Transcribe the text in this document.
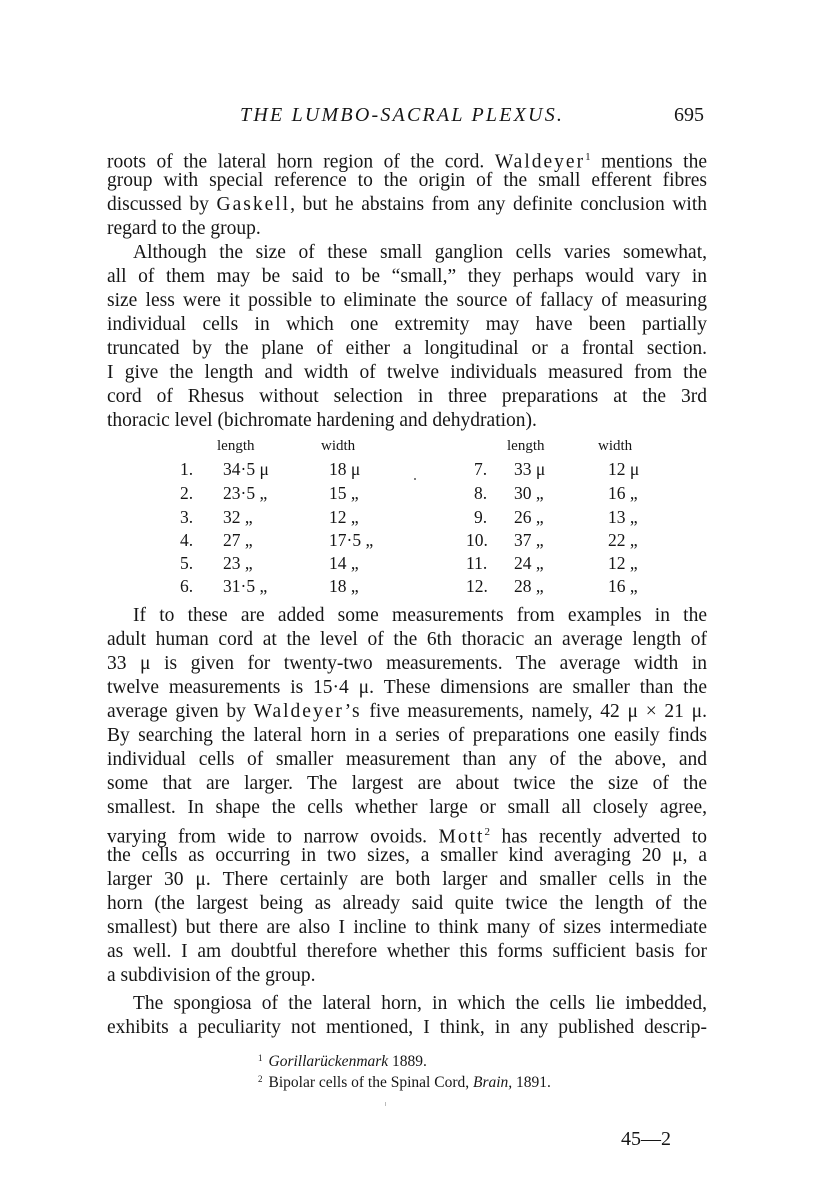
THE LUMBO-SACRAL PLEXUS.	695
roots of the lateral horn region of the cord. Waldeyer$^1$ mentions the
group with special reference to the origin of the small efferent fibres
discussed by Gaskell, but he abstains from any definite conclusion with
regard to the group.
Although the size of these small ganglion cells varies somewhat,
all of them may be said to be “small,” they perhaps would vary in
size less were it possible to eliminate the source of fallacy of measuring
individual cells in which one extremity may have been partially
truncated by the plane of either a longitudinal or a frontal section.
I give the length and width of twelve individuals measured from the
cord of Rhesus without selection in three preparations at the 3rd
thoracic level (bichromate hardening and dehydration).
length	width	length	width
1. 34·5 μ	18 μ	7. 33 μ	12 μ
2. 23·5 „	15 „	8. 30 „	16 „
3. 32 „	12 „	9. 26 „	13 „
4. 27 „	17·5 „	10. 37 „	22 „
5. 23 „	14 „	11. 24 „	12 „
6. 31·5 „	18 „	12. 28 „	16 „
If to these are added some measurements from examples in the
adult human cord at the level of the 6th thoracic an average length of
33 μ is given for twenty-two measurements. The average width in
twelve measurements is 15·4 μ. These dimensions are smaller than the
average given by Waldeyer’s five measurements, namely, 42 μ × 21 μ.
By searching the lateral horn in a series of preparations one easily finds
individual cells of smaller measurement than any of the above, and
some that are larger. The largest are about twice the size of the
smallest. In shape the cells whether large or small all closely agree,
varying from wide to narrow ovoids. Mott$^2$ has recently adverted to
the cells as occurring in two sizes, a smaller kind averaging 20 μ, a
larger 30 μ. There certainly are both larger and smaller cells in the
horn (the largest being as already said quite twice the length of the
smallest) but there are also I incline to think many of sizes intermediate
as well. I am doubtful therefore whether this forms sufficient basis for
a subdivision of the group.
The spongiosa of the lateral horn, in which the cells lie imbedded,
exhibits a peculiarity not mentioned, I think, in any published descrip-
$^1$ Gorillarückenmark 1889.
$^2$ Bipolar cells of the Spinal Cord, Brain, 1891.
45—2
